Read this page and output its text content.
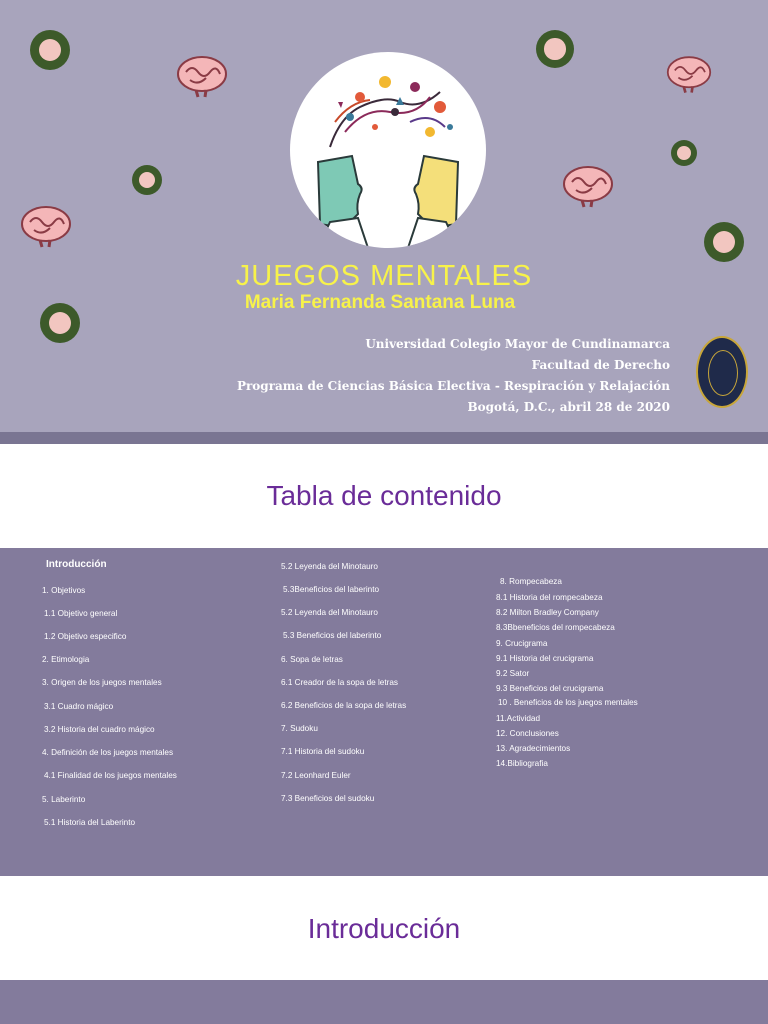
JUEGOS MENTALES
Maria Fernanda Santana Luna
Universidad Colegio Mayor de Cundinamarca
Facultad de Derecho
Programa de Ciencias Básica Electiva - Respiración y Relajación
Bogotá, D.C., abril 28 de 2020
Tabla de contenido
Introducción
1. Objetivos
1.1 Objetivo general
1.2 Objetivo especifico
2. Etimologia
3. Origen de los juegos mentales
3.1 Cuadro mágico
3.2 Historia del cuadro mágico
4. Definición de los juegos mentales
4.1 Finalidad de los juegos mentales
5. Laberinto
5.1 Historia del Laberinto
5.2 Leyenda del Minotauro
5.3Beneficios del laberinto
5.2 Leyenda del Minotauro
5.3 Beneficios del laberinto
6. Sopa de letras
6.1 Creador de la sopa de letras
6.2 Beneficios de la sopa de letras
7. Sudoku
7.1 Historia del sudoku
7.2 Leonhard Euler
7.3 Beneficios del sudoku
8. Rompecabeza
8.1 Historia del rompecabeza
8.2 Milton Bradley Company
8.3Bbeneficios del rompecabeza
9. Crucigrama
9.1 Historia del crucigrama
9.2 Sator
9.3 Beneficios del crucigrama
10 . Beneficios de los juegos mentales
11.Actividad
12. Conclusiones
13. Agradecimientos
14.Bibliografia
Introducción
